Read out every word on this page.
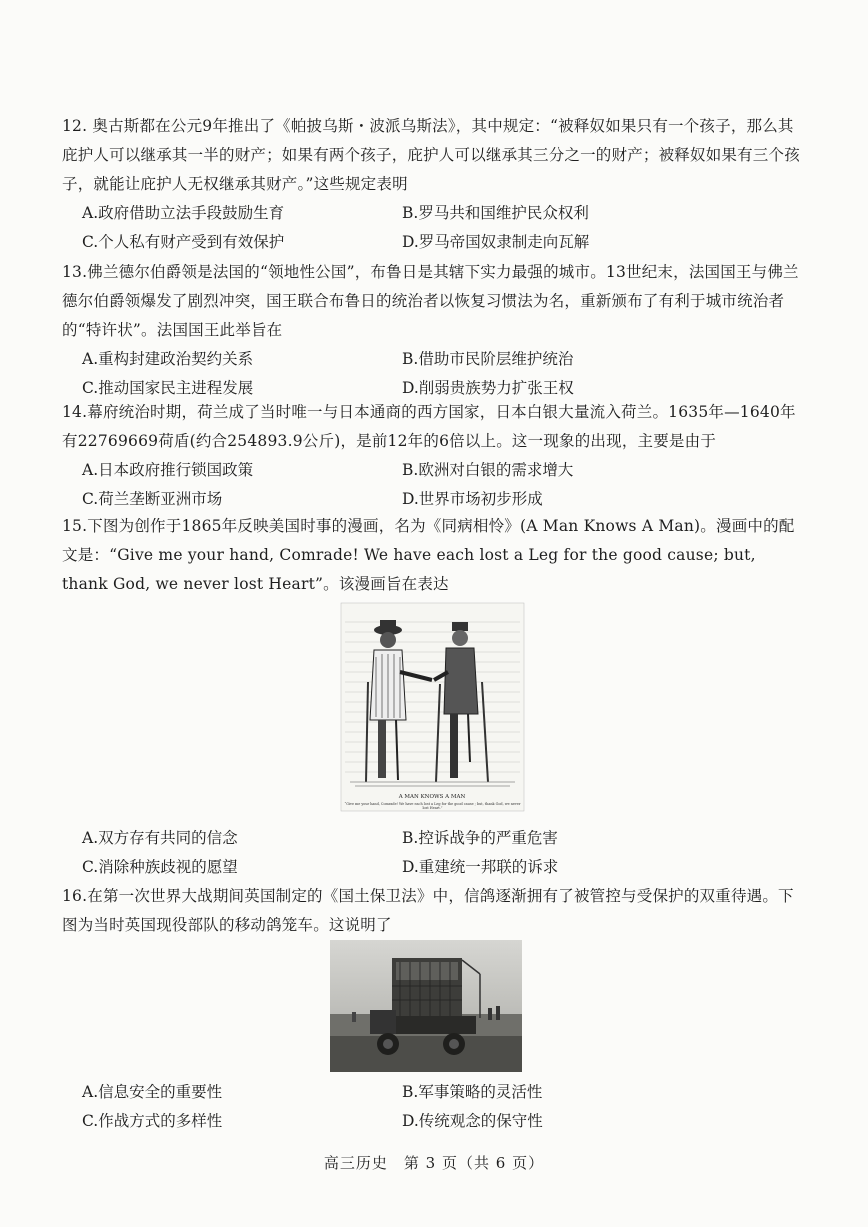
12. 奥古斯都在公元9年推出了《帕披乌斯・波派乌斯法》，其中规定：“被释奴如果只有一个孩子，那么其庇护人可以继承其一半的财产；如果有两个孩子，庇护人可以继承其三分之一的财产；被释奴如果有三个孩子，就能让庇护人无权继承其财产。”这些规定表明

A.政府借助立法手段鼓励生育	B.罗马共和国维护民众权利
C.个人私有财产受到有效保护	D.罗马帝国奴隶制走向瓦解

13.佛兰德尔伯爵领是法国的“领地性公国”，布鲁日是其辖下实力最强的城市。13世纪末，法国国王与佛兰德尔伯爵领爆发了剧烈冲突，国王联合布鲁日的统治者以恢复习惯法为名，重新颁布了有利于城市统治者的“特许状”。法国国王此举旨在

A.重构封建政治契约关系	B.借助市民阶层维护统治
C.推动国家民主进程发展	D.削弱贵族势力扩张王权

14.幕府统治时期，荷兰成了当时唯一与日本通商的西方国家，日本白银大量流入荷兰。1635年—1640年有22769669荷盾(约合254893.9公斤)，是前12年的6倍以上。这一现象的出现，主要是由于

A.日本政府推行锁国政策	B.欧洲对白银的需求增大
C.荷兰垄断亚洲市场	D.世界市场初步形成

15.下图为创作于1865年反映美国时事的漫画，名为《同病相怜》(A Man Knows A Man)。漫画中的配文是：“Give me your hand, Comrade! We have each lost a Leg for the good cause; but, thank God, we never lost Heart”。该漫画旨在表达

A MAN KNOWS A MAN
“Give me your hand, Comrade! We have each lost a Leg for the good cause ; but, thank God, we never lost Heart.”
A.双方存有共同的信念	B.控诉战争的严重危害
C.消除种族歧视的愿望	D.重建统一邦联的诉求

16.在第一次世界大战期间英国制定的《国土保卫法》中，信鸽逐渐拥有了被管控与受保护的双重待遇。下图为当时英国现役部队的移动鸽笼车。这说明了

A.信息安全的重要性	B.军事策略的灵活性
C.作战方式的多样性	D.传统观念的保守性
高三历史　第 3 页（共 6 页）
